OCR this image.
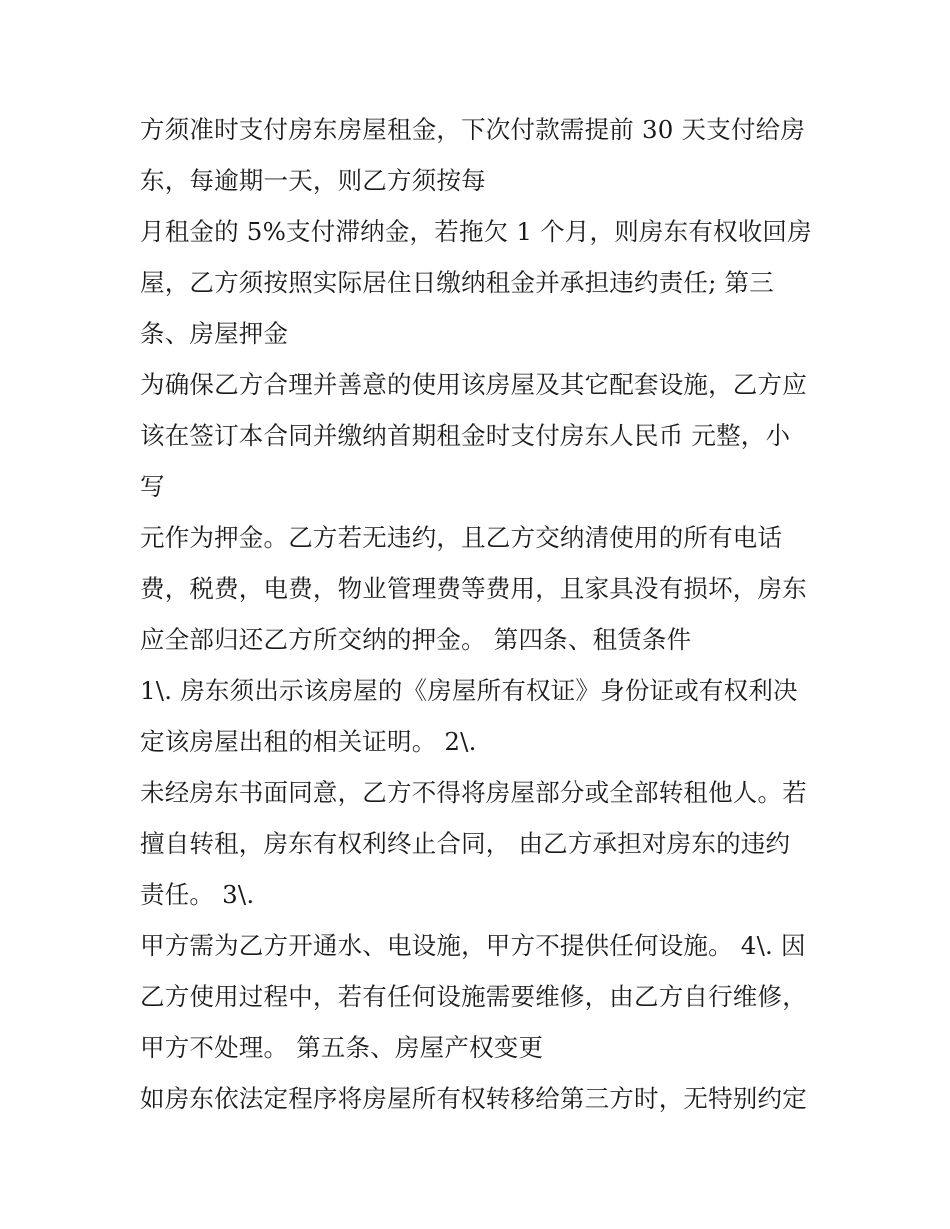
方须准时支付房东房屋租金，下次付款需提前 30 天支付给房
东，每逾期一天，则乙方须按每
月租金的 5%支付滞纳金，若拖欠 1 个月，则房东有权收回房
屋，乙方须按照实际居住日缴纳租金并承担违约责任; 第三
条、房屋押金
为确保乙方合理并善意的使用该房屋及其它配套设施，乙方应
该在签订本合同并缴纳首期租金时支付房东人民币 元整，小
写
元作为押金。乙方若无违约，且乙方交纳清使用的所有电话
费，税费，电费，物业管理费等费用，且家具没有损坏，房东
应全部归还乙方所交纳的押金。 第四条、租赁条件
1\. 房东须出示该房屋的《房屋所有权证》身份证或有权利决
定该房屋出租的相关证明。 2\.
未经房东书面同意，乙方不得将房屋部分或全部转租他人。若
擅自转租，房东有权利终止合同， 由乙方承担对房东的违约
责任。 3\.
甲方需为乙方开通水、电设施，甲方不提供任何设施。 4\. 因
乙方使用过程中，若有任何设施需要维修，由乙方自行维修，
甲方不处理。 第五条、房屋产权变更
如房东依法定程序将房屋所有权转移给第三方时，无特别约定
